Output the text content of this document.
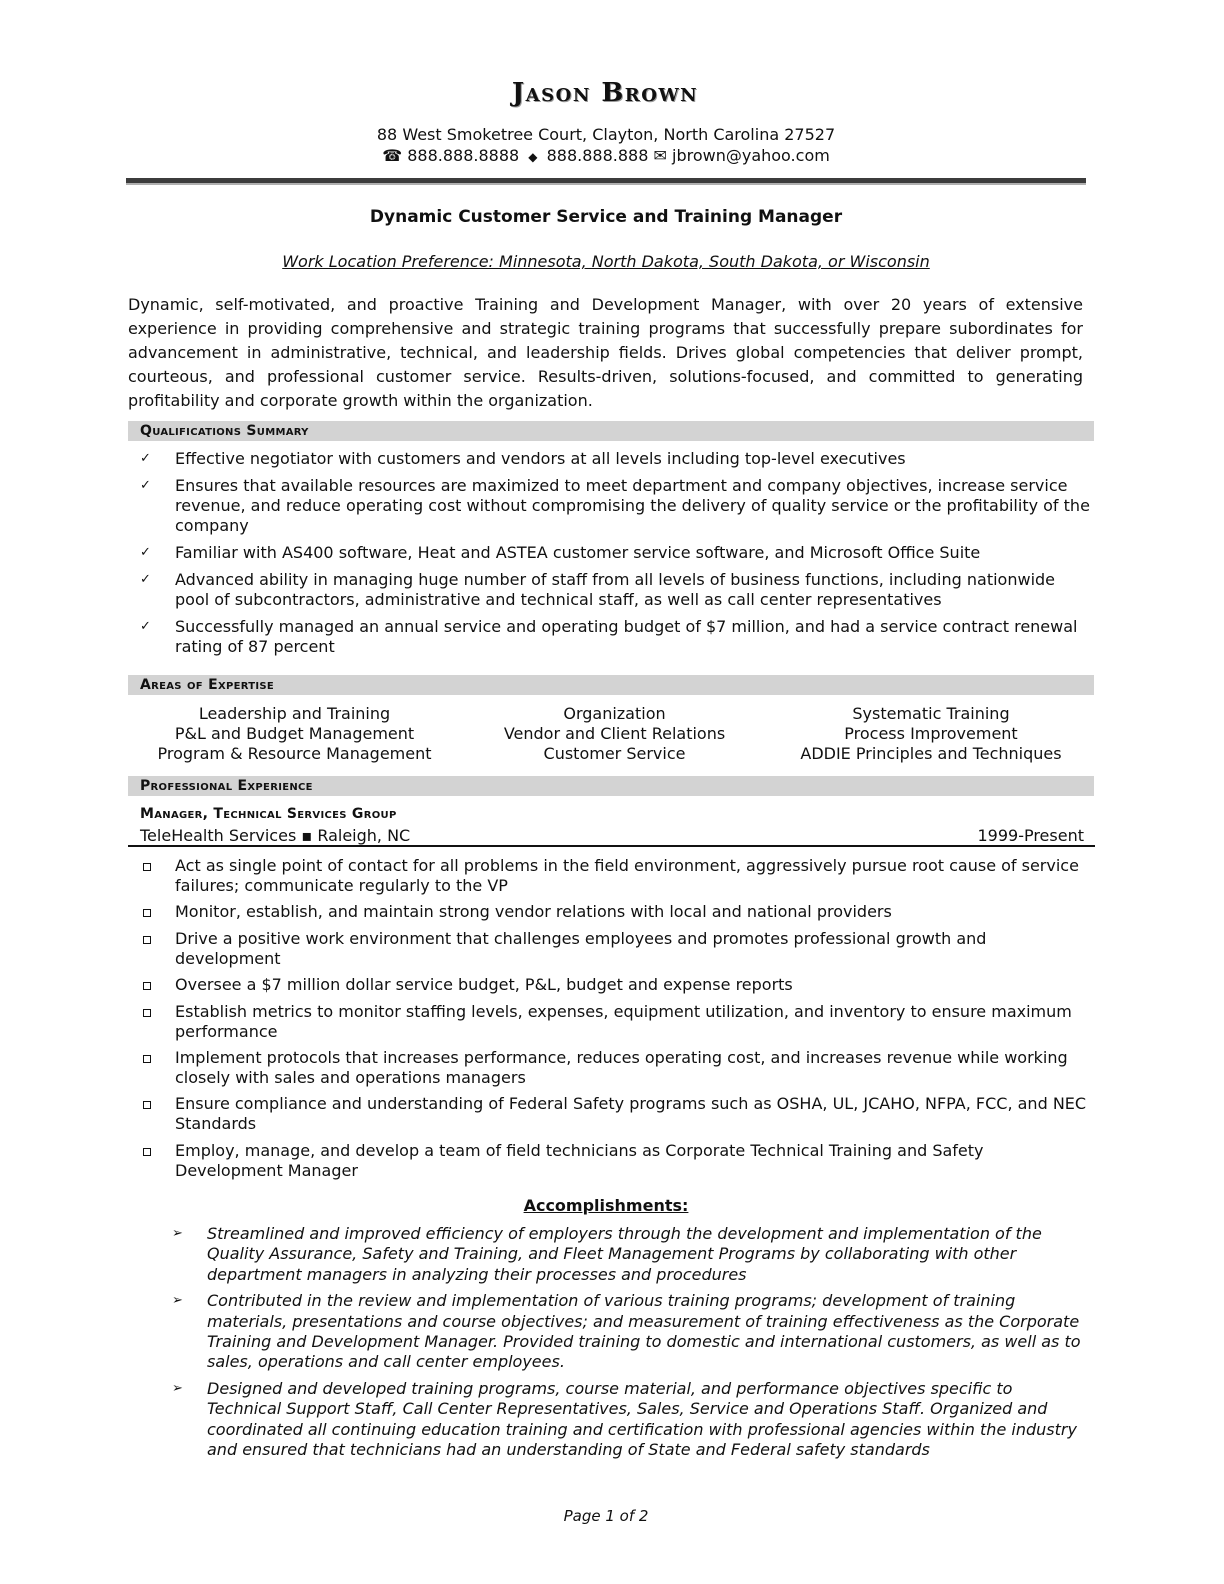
Jason Brown
88 West Smoketree Court, Clayton, North Carolina 27527
☎ 888.888.8888 ◆ 888.888.888 ✉ jbrown@yahoo.com
Dynamic Customer Service and Training Manager
Work Location Preference: Minnesota, North Dakota, South Dakota, or Wisconsin
Dynamic, self-motivated, and proactive Training and Development Manager, with over 20 years of extensive experience in providing comprehensive and strategic training programs that successfully prepare subordinates for advancement in administrative, technical, and leadership fields. Drives global competencies that deliver prompt, courteous, and professional customer service. Results-driven, solutions-focused, and committed to generating profitability and corporate growth within the organization.
Qualifications Summary
✓ Effective negotiator with customers and vendors at all levels including top-level executives
✓ Ensures that available resources are maximized to meet department and company objectives, increase service revenue, and reduce operating cost without compromising the delivery of quality service or the profitability of the company
✓ Familiar with AS400 software, Heat and ASTEA customer service software, and Microsoft Office Suite
✓ Advanced ability in managing huge number of staff from all levels of business functions, including nationwide pool of subcontractors, administrative and technical staff, as well as call center representatives
✓ Successfully managed an annual service and operating budget of $7 million, and had a service contract renewal rating of 87 percent
Areas of Expertise
Leadership and Training
P&L and Budget Management
Program & Resource Management
Organization
Vendor and Client Relations
Customer Service
Systematic Training
Process Improvement
ADDIE Principles and Techniques
Professional Experience
Manager, Technical Services Group
TeleHealth Services ▪ Raleigh, NC	1999-Present
Act as single point of contact for all problems in the field environment, aggressively pursue root cause of service failures; communicate regularly to the VP
Monitor, establish, and maintain strong vendor relations with local and national providers
Drive a positive work environment that challenges employees and promotes professional growth and development
Oversee a $7 million dollar service budget, P&L, budget and expense reports
Establish metrics to monitor staffing levels, expenses, equipment utilization, and inventory to ensure maximum performance
Implement protocols that increases performance, reduces operating cost, and increases revenue while working closely with sales and operations managers
Ensure compliance and understanding of Federal Safety programs such as OSHA, UL, JCAHO, NFPA, FCC, and NEC Standards
Employ, manage, and develop a team of field technicians as Corporate Technical Training and Safety Development Manager
Accomplishments:
➢ Streamlined and improved efficiency of employers through the development and implementation of the Quality Assurance, Safety and Training, and Fleet Management Programs by collaborating with other department managers in analyzing their processes and procedures
➢ Contributed in the review and implementation of various training programs; development of training materials, presentations and course objectives; and measurement of training effectiveness as the Corporate Training and Development Manager. Provided training to domestic and international customers, as well as to sales, operations and call center employees.
➢ Designed and developed training programs, course material, and performance objectives specific to Technical Support Staff, Call Center Representatives, Sales, Service and Operations Staff. Organized and coordinated all continuing education training and certification with professional agencies within the industry and ensured that technicians had an understanding of State and Federal safety standards
Page 1 of 2
